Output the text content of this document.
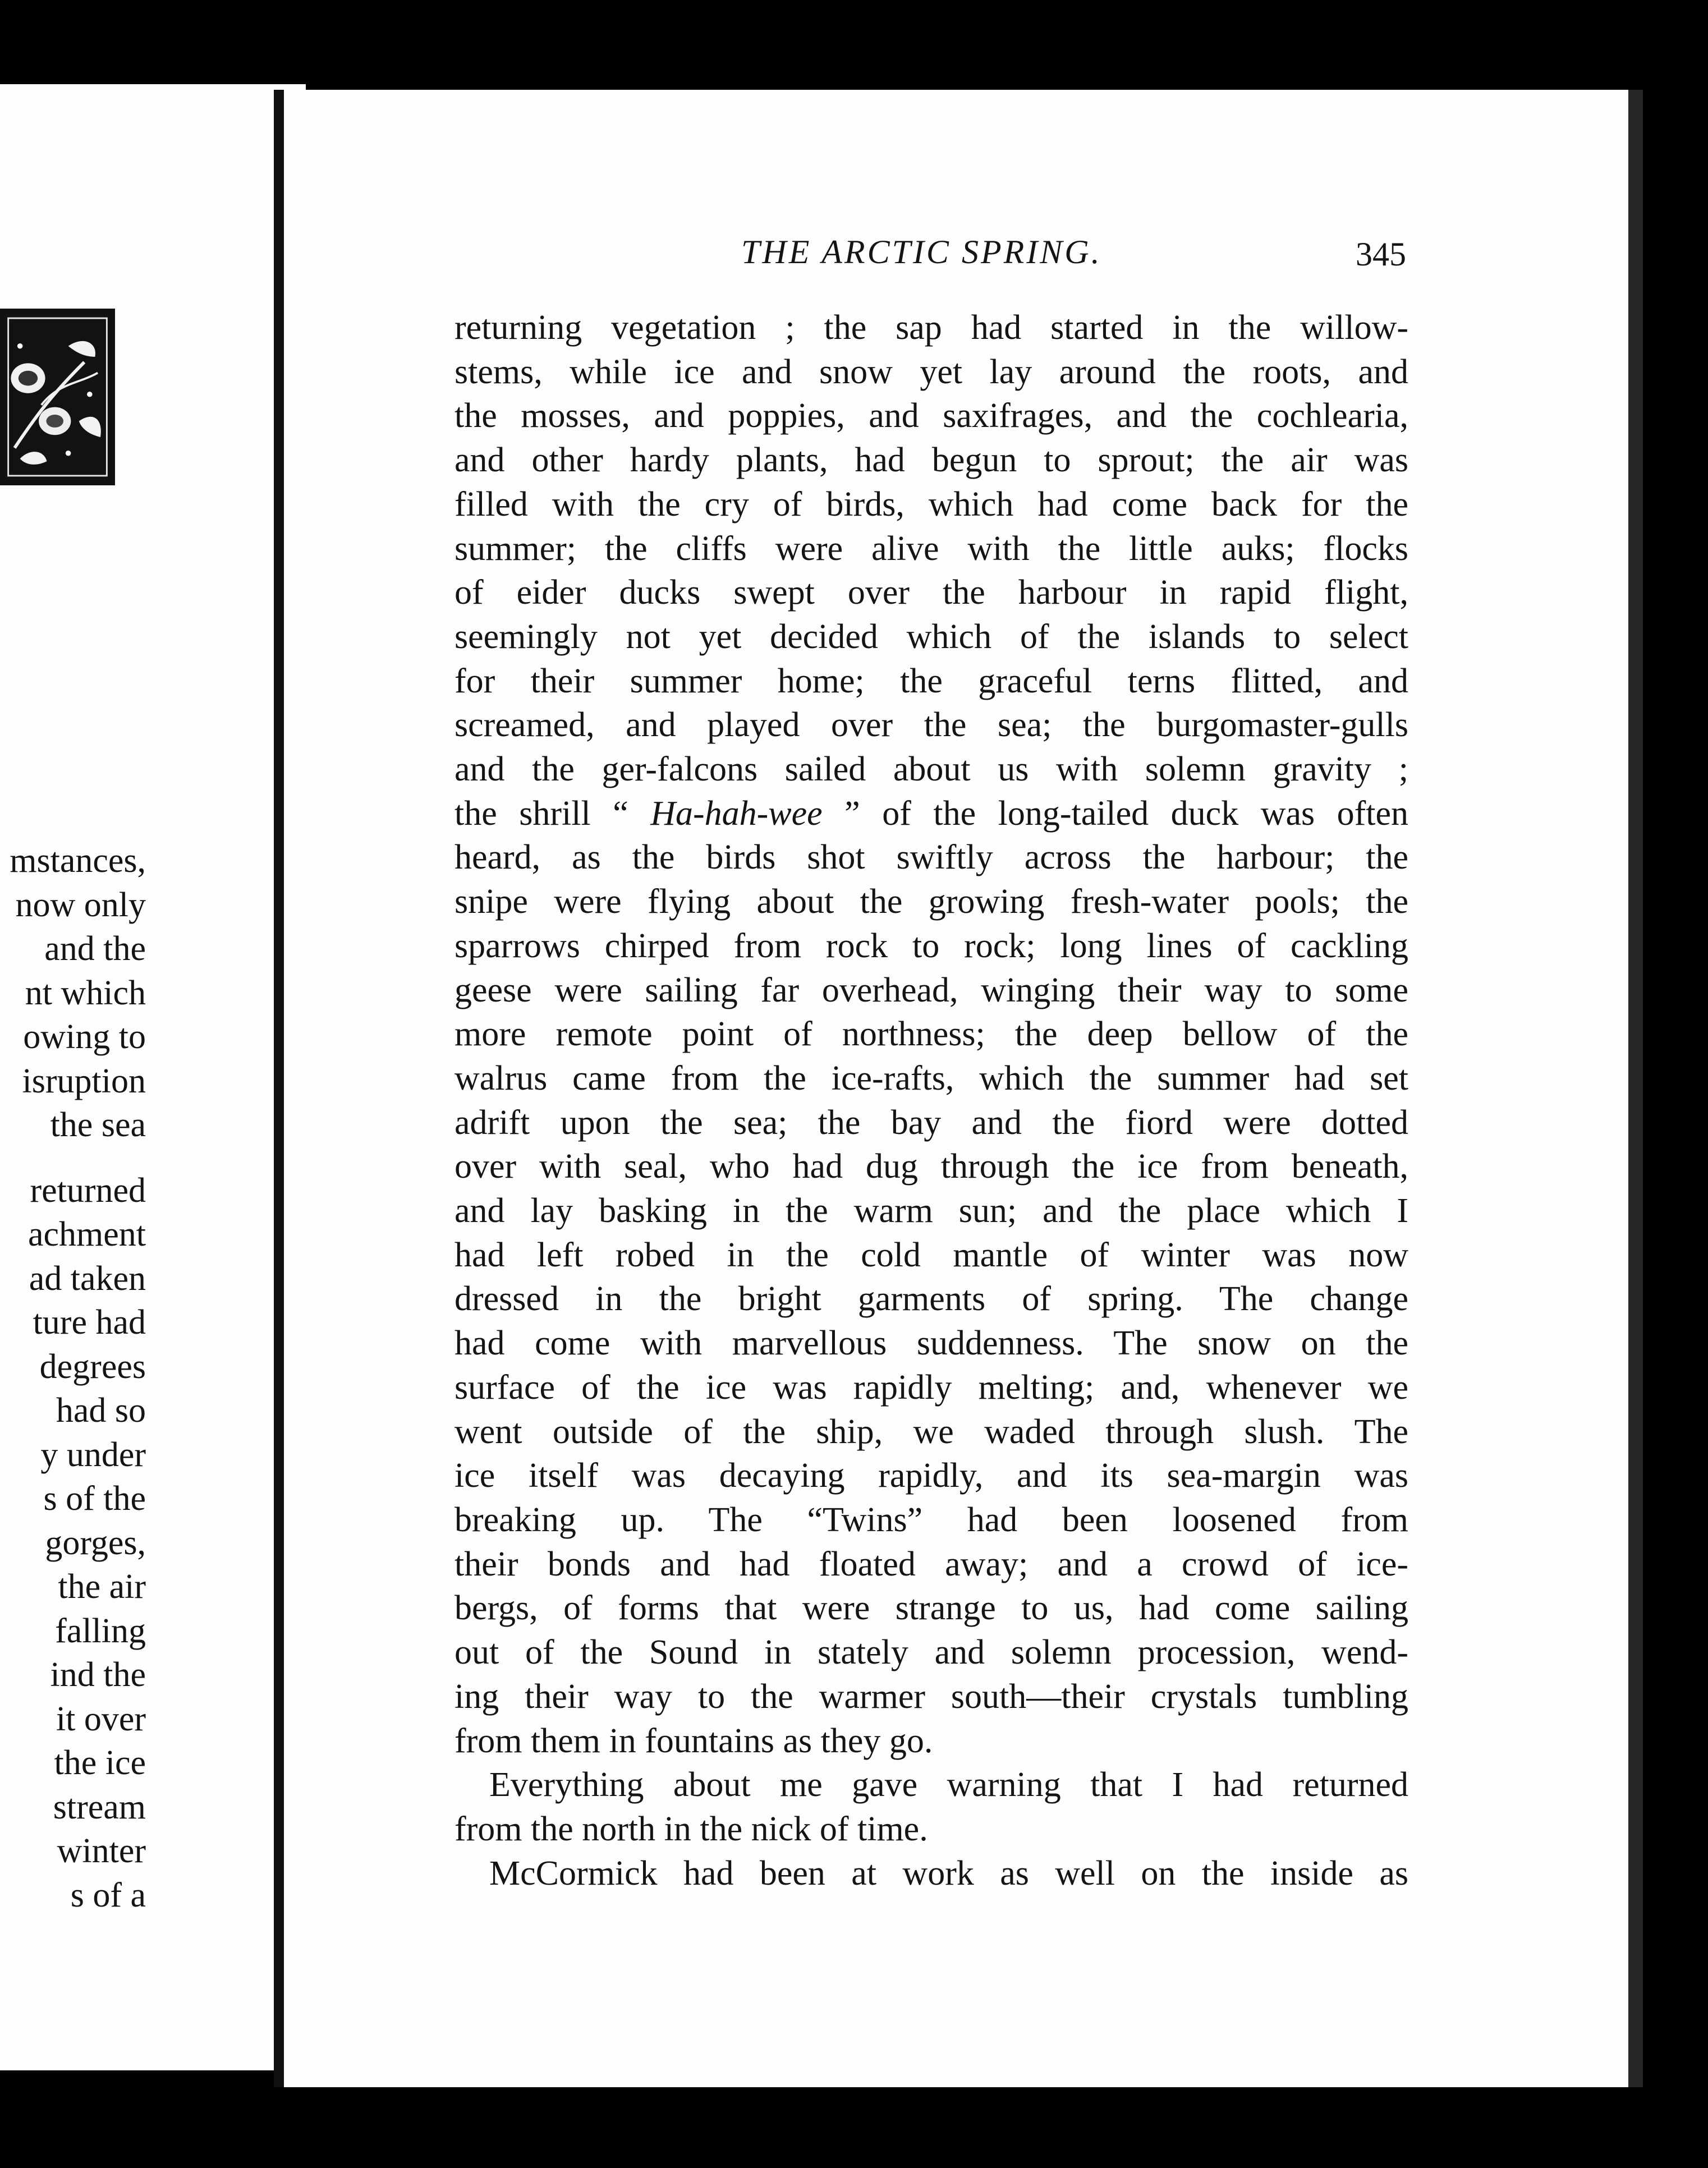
mstances,
now only
and the
nt which
owing to
isruption
the sea
returned
achment
ad taken
ture had
degrees
had so
y under
s of the
gorges,
the air
falling
ind the
it over
the ice
stream
winter
s of a
THE ARCTIC SPRING.	345
returning vegetation ; the sap had started in the willow-
stems, while ice and snow yet lay around the roots, and
the mosses, and poppies, and saxifrages, and the cochlearia,
and other hardy plants, had begun to sprout; the air was
filled with the cry of birds, which had come back for the
summer; the cliffs were alive with the little auks; flocks
of eider ducks swept over the harbour in rapid flight,
seemingly not yet decided which of the islands to select
for their summer home; the graceful terns flitted, and
screamed, and played over the sea; the burgomaster-gulls
and the ger-falcons sailed about us with solemn gravity ;
the shrill “ Ha-hah-wee ” of the long-tailed duck was often
heard, as the birds shot swiftly across the harbour; the
snipe were flying about the growing fresh-water pools; the
sparrows chirped from rock to rock; long lines of cackling
geese were sailing far overhead, winging their way to some
more remote point of northness; the deep bellow of the
walrus came from the ice-rafts, which the summer had set
adrift upon the sea; the bay and the fiord were dotted
over with seal, who had dug through the ice from beneath,
and lay basking in the warm sun; and the place which I
had left robed in the cold mantle of winter was now
dressed in the bright garments of spring. The change
had come with marvellous suddenness. The snow on the
surface of the ice was rapidly melting; and, whenever we
went outside of the ship, we waded through slush. The
ice itself was decaying rapidly, and its sea-margin was
breaking up. The “Twins” had been loosened from
their bonds and had floated away; and a crowd of ice-
bergs, of forms that were strange to us, had come sailing
out of the Sound in stately and solemn procession, wend-
ing their way to the warmer south—their crystals tumbling
from them in fountains as they go.
Everything about me gave warning that I had returned
from the north in the nick of time.
McCormick had been at work as well on the inside as
